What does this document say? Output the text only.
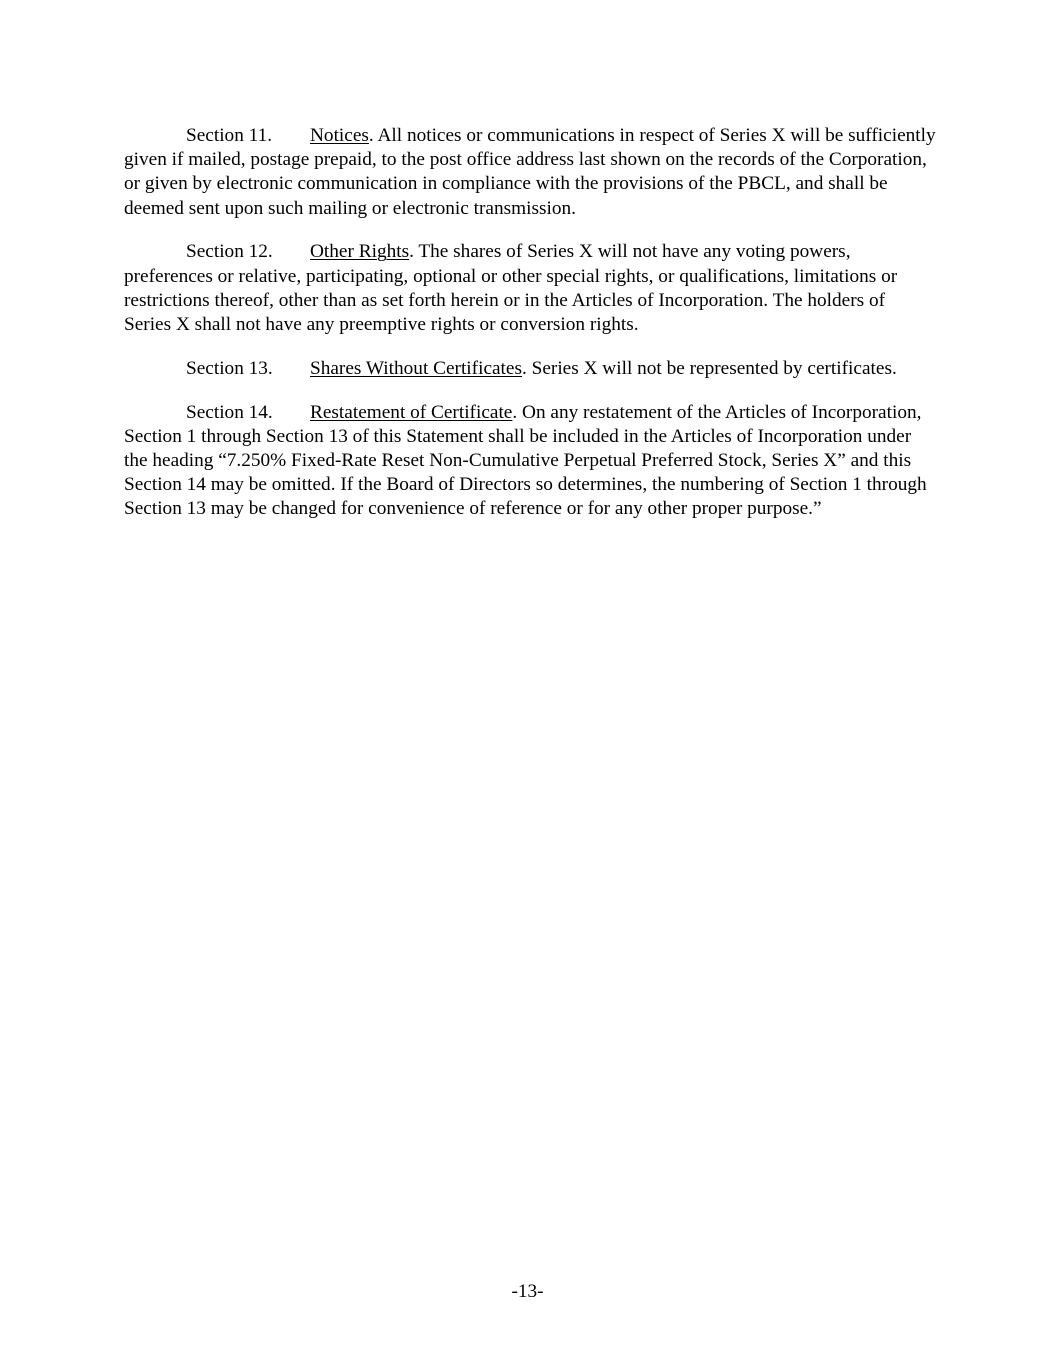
Section 11. Notices. All notices or communications in respect of Series X will be sufficiently given if mailed, postage prepaid, to the post office address last shown on the records of the Corporation, or given by electronic communication in compliance with the provisions of the PBCL, and shall be deemed sent upon such mailing or electronic transmission.

Section 12. Other Rights. The shares of Series X will not have any voting powers, preferences or relative, participating, optional or other special rights, or qualifications, limitations or restrictions thereof, other than as set forth herein or in the Articles of Incorporation. The holders of Series X shall not have any preemptive rights or conversion rights.

Section 13. Shares Without Certificates. Series X will not be represented by certificates.

Section 14. Restatement of Certificate. On any restatement of the Articles of Incorporation, Section 1 through Section 13 of this Statement shall be included in the Articles of Incorporation under the heading “7.250% Fixed-Rate Reset Non-Cumulative Perpetual Preferred Stock, Series X” and this Section 14 may be omitted. If the Board of Directors so determines, the numbering of Section 1 through Section 13 may be changed for convenience of reference or for any other proper purpose.”

-13-
